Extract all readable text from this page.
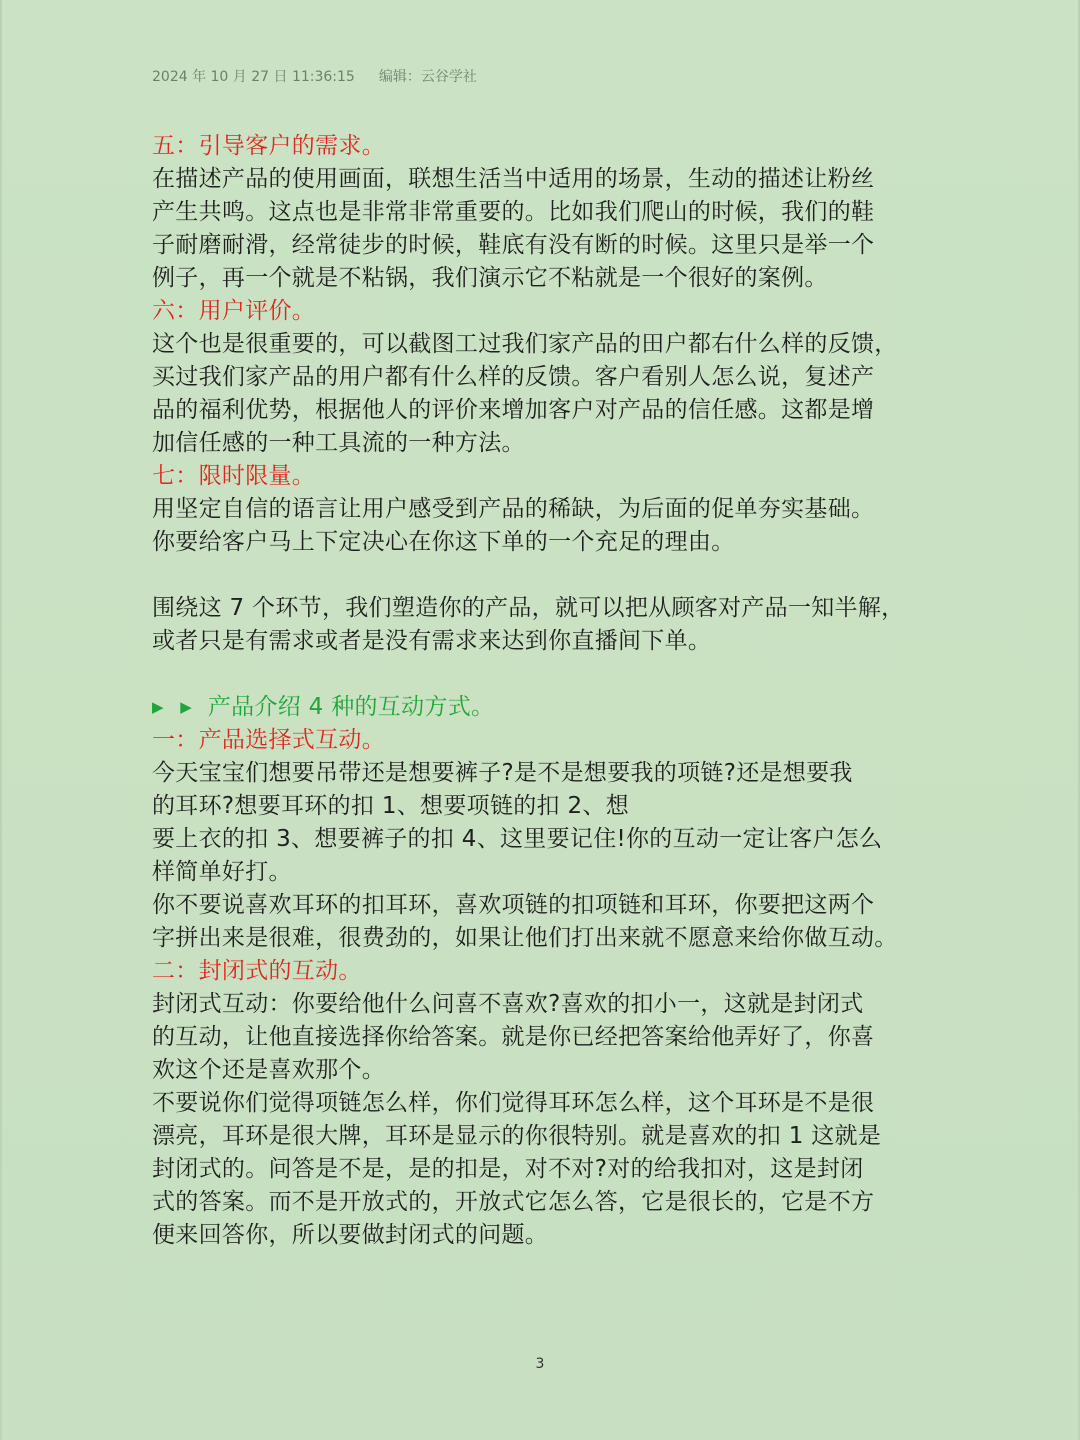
2024 年 10 月 27 日 11:36:15 编辑：云谷学社

五：引导客户的需求。

在描述产品的使用画面，联想生活当中适用的场景，生动的描述让粉丝

产生共鸣。这点也是非常非常重要的。比如我们爬山的时候，我们的鞋

子耐磨耐滑，经常徒步的时候，鞋底有没有断的时候。这里只是举一个

例子，再一个就是不粘锅，我们演示它不粘就是一个很好的案例。

六：用户评价。

这个也是很重要的，可以截图工过我们家产品的田户都右什么样的反馈，

买过我们家产品的用户都有什么样的反馈。客户看别人怎么说，复述产

品的福利优势，根据他人的评价来增加客户对产品的信任感。这都是增

加信任感的一种工具流的一种方法。

七：限时限量。

用坚定自信的语言让用户感受到产品的稀缺，为后面的促单夯实基础。

你要给客户马上下定决心在你这下单的一个充足的理由。

围绕这 7 个环节，我们塑造你的产品，就可以把从顾客对产品一知半解，

或者只是有需求或者是没有需求来达到你直播间下单。

▶ ▶ 产品介绍 4 种的互动方式。

一：产品选择式互动。

今天宝宝们想要吊带还是想要裤子?是不是想要我的项链?还是想要我

的耳环?想要耳环的扣 1、想要项链的扣 2、想

要上衣的扣 3、想要裤子的扣 4、这里要记住!你的互动一定让客户怎么

样简单好打。

你不要说喜欢耳环的扣耳环，喜欢项链的扣项链和耳环，你要把这两个

字拼出来是很难，很费劲的，如果让他们打出来就不愿意来给你做互动。

二：封闭式的互动。

封闭式互动：你要给他什么问喜不喜欢?喜欢的扣小一，这就是封闭式

的互动，让他直接选择你给答案。就是你已经把答案给他弄好了，你喜

欢这个还是喜欢那个。

不要说你们觉得项链怎么样，你们觉得耳环怎么样，这个耳环是不是很

漂亮，耳环是很大牌，耳环是显示的你很特别。就是喜欢的扣 1 这就是

封闭式的。问答是不是，是的扣是，对不对?对的给我扣对，这是封闭

式的答案。而不是开放式的，开放式它怎么答，它是很长的，它是不方

便来回答你，所以要做封闭式的问题。

3
